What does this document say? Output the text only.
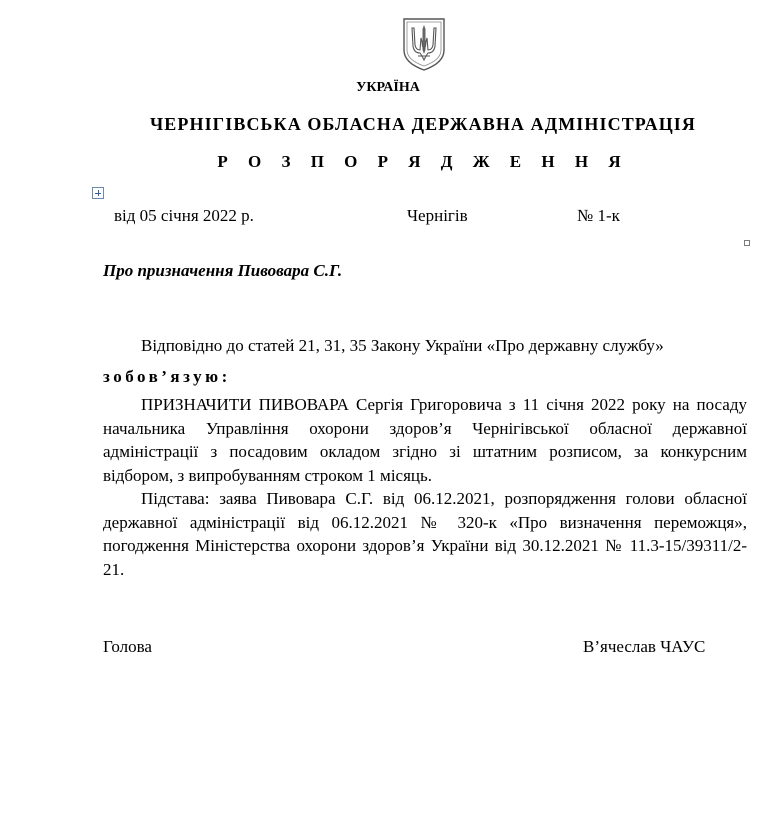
УКРАЇНА
ЧЕРНІГІВСЬКА ОБЛАСНА ДЕРЖАВНА АДМІНІСТРАЦІЯ
Р О З П О Р Я Д Ж Е Н Н Я
від 05 січня 2022 р.	Чернігів	№ 1-к
Про призначення Пивовара С.Г.
Відповідно до статей 21, 31, 35 Закону України «Про державну службу»
зобов’язую:
ПРИЗНАЧИТИ ПИВОВАРА Сергія Григоровича з 11 січня 2022 року на посаду начальника Управління охорони здоров’я Чернігівської обласної державної адміністрації з посадовим окладом згідно зі штатним розписом, за конкурсним відбором, з випробуванням строком 1 місяць.
Підстава: заява Пивовара С.Г. від 06.12.2021, розпорядження голови обласної державної адміністрації від 06.12.2021 № 320-к «Про визначення переможця», погодження Міністерства охорони здоров’я України від 30.12.2021 № 11.3-15/39311/2-21.
Голова	В’ячеслав ЧАУС
